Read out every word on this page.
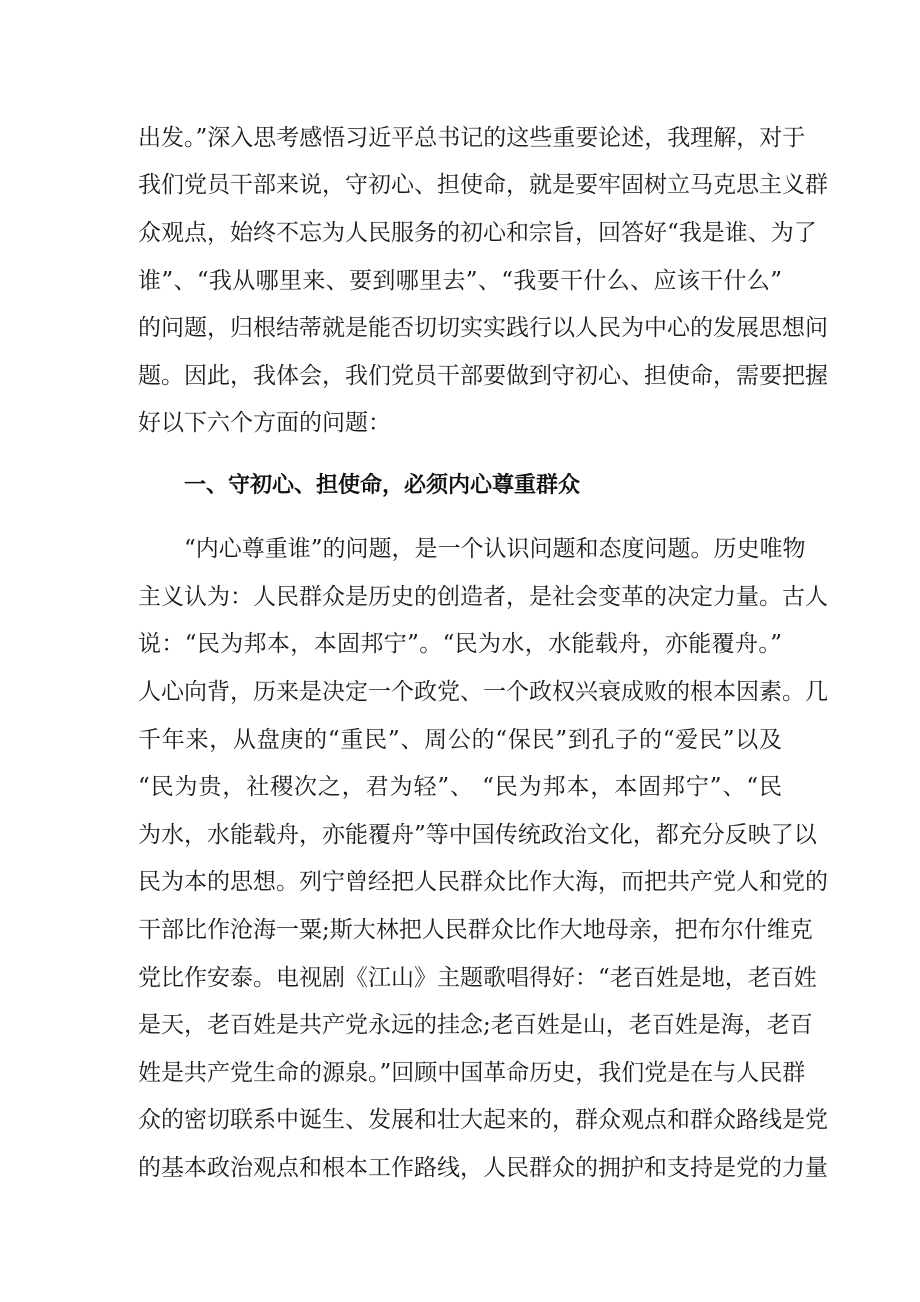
出发。”深入思考感悟习近平总书记的这些重要论述，我理解，对于
我们党员干部来说，守初心、担使命，就是要牢固树立马克思主义群
众观点，始终不忘为人民服务的初心和宗旨，回答好“我是谁、为了
谁”、“我从哪里来、要到哪里去”、“我要干什么、应该干什么”
的问题，归根结蒂就是能否切切实实践行以人民为中心的发展思想问
题。因此，我体会，我们党员干部要做到守初心、担使命，需要把握
好以下六个方面的问题：
一、守初心、担使命，必须内心尊重群众
“内心尊重谁”的问题，是一个认识问题和态度问题。历史唯物
主义认为：人民群众是历史的创造者，是社会变革的决定力量。古人
说：“民为邦本，本固邦宁”。“民为水，水能载舟，亦能覆舟。”
人心向背，历来是决定一个政党、一个政权兴衰成败的根本因素。几
千年来，从盘庚的“重民”、周公的“保民”到孔子的“爱民”以及
“民为贵，社稷次之，君为轻”、 “民为邦本，本固邦宁”、“民
为水，水能载舟，亦能覆舟”等中国传统政治文化，都充分反映了以
民为本的思想。列宁曾经把人民群众比作大海，而把共产党人和党的
干部比作沧海一粟;斯大林把人民群众比作大地母亲，把布尔什维克
党比作安泰。电视剧《江山》主题歌唱得好：“老百姓是地，老百姓
是天，老百姓是共产党永远的挂念;老百姓是山，老百姓是海，老百
姓是共产党生命的源泉。”回顾中国革命历史，我们党是在与人民群
众的密切联系中诞生、发展和壮大起来的，群众观点和群众路线是党
的基本政治观点和根本工作路线，人民群众的拥护和支持是党的力量
